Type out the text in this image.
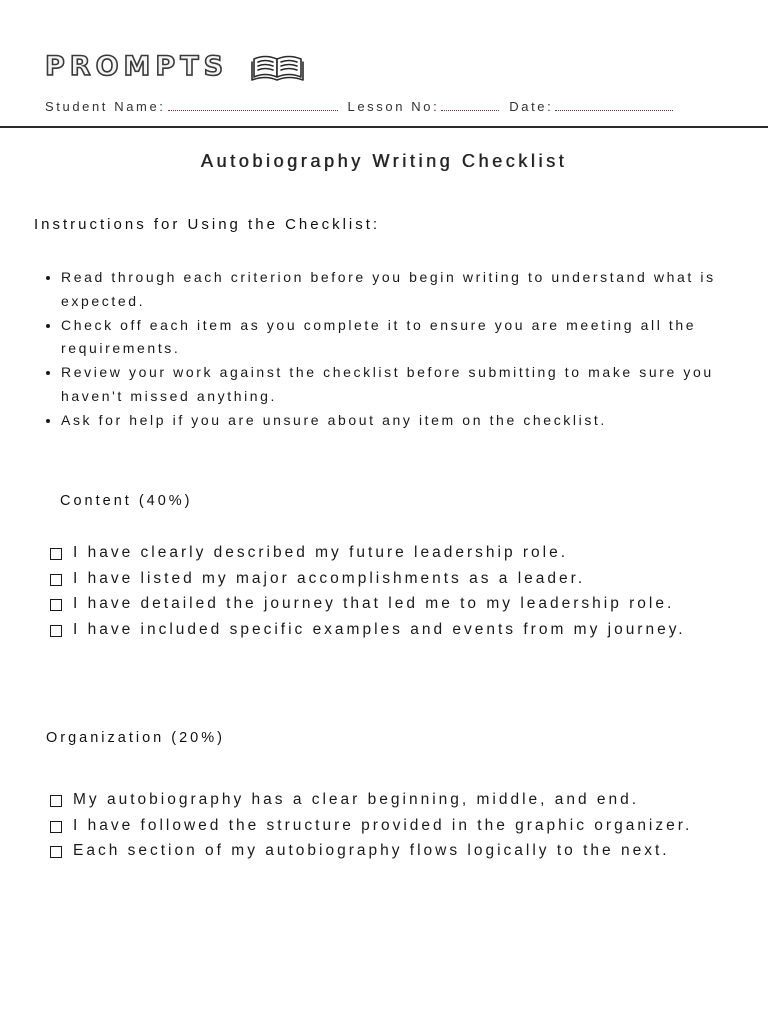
PROMPTS
Student Name:	Lesson No:	Date:
Autobiography Writing Checklist
Instructions for Using the Checklist:
• Read through each criterion before you begin writing to understand what is expected.
• Check off each item as you complete it to ensure you are meeting all the requirements.
• Review your work against the checklist before submitting to make sure you haven't missed anything.
• Ask for help if you are unsure about any item on the checklist.
Content (40%)
I have clearly described my future leadership role.
I have listed my major accomplishments as a leader.
I have detailed the journey that led me to my leadership role.
I have included specific examples and events from my journey.
Organization (20%)
My autobiography has a clear beginning, middle, and end.
I have followed the structure provided in the graphic organizer.
Each section of my autobiography flows logically to the next.
